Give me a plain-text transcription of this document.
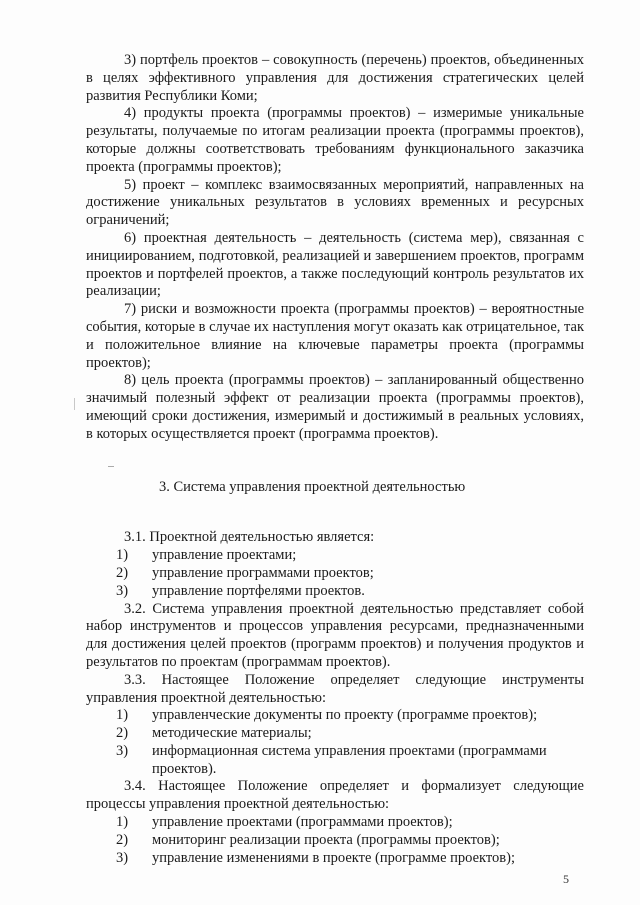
3) портфель проектов – совокупность (перечень) проектов, объединенных в целях эффективного управления для достижения стратегических целей развития Республики Коми;

4) продукты проекта (программы проектов) – измеримые уникальные результаты, получаемые по итогам реализации проекта (программы проектов), которые должны соответствовать требованиям функционального заказчика проекта (программы проектов);

5) проект – комплекс взаимосвязанных мероприятий, направленных на достижение уникальных результатов в условиях временных и ресурсных ограничений;

6) проектная деятельность – деятельность (система мер), связанная с инициированием, подготовкой, реализацией и завершением проектов, программ проектов и портфелей проектов, а также последующий контроль результатов их реализации;

7) риски и возможности проекта (программы проектов) – вероятностные события, которые в случае их наступления могут оказать как отрицательное, так и положительное влияние на ключевые параметры проекта (программы проектов);

8) цель проекта (программы проектов) – запланированный общественно значимый полезный эффект от реализации проекта (программы проектов), имеющий сроки достижения, измеримый и достижимый в реальных условиях, в которых осуществляется проект (программа проектов).

3. Система управления проектной деятельностью

3.1. Проектной деятельностью является:

1)	управление проектами;
2)	управление программами проектов;
3)	управление портфелями проектов.

3.2. Система управления проектной деятельностью представляет собой набор инструментов и процессов управления ресурсами, предназначенными для достижения целей проектов (программ проектов) и получения продуктов и результатов по проектам (программам проектов).

3.3. Настоящее Положение определяет следующие инструменты управления проектной деятельностью:

1)	управленческие документы по проекту (программе проектов);
2)	методические материалы;
3)	информационная система управления проектами (программами проектов).

3.4. Настоящее Положение определяет и формализует следующие процессы управления проектной деятельностью:

1)	управление проектами (программами проектов);
2)	мониторинг реализации проекта (программы проектов);
3)	управление изменениями в проекте (программе проектов);
5
